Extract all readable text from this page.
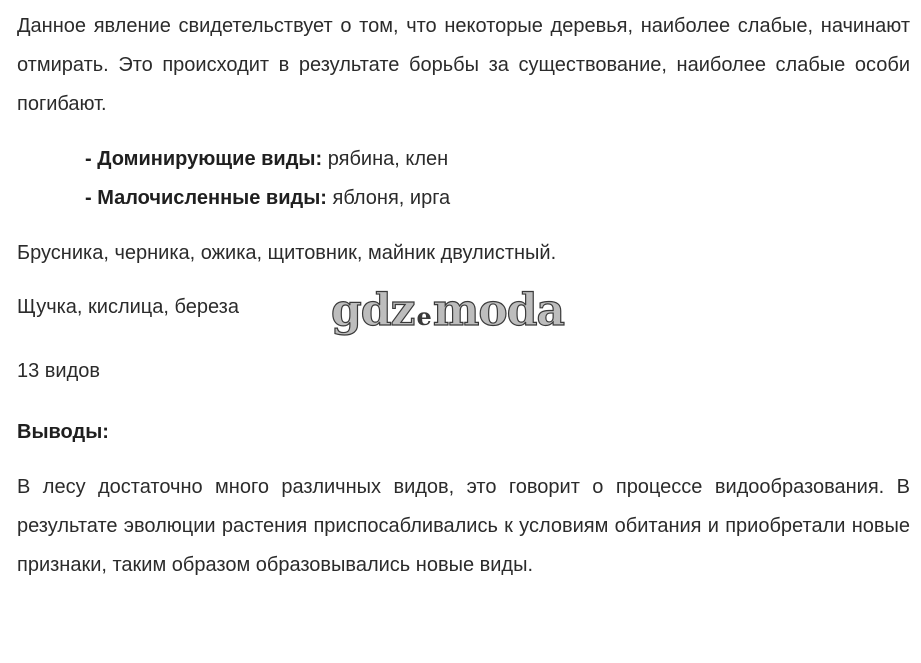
Данное явление свидетельствует о том, что некоторые деревья, наиболее слабые, начинают отмирать. Это происходит в результате борьбы за существование, наиболее слабые особи погибают.

- Доминирующие виды: рябина, клен
- Малочисленные виды: яблоня, ирга

Брусника, черника, ожика, щитовник, майник двулистный.

Щучка, кислица, береза

13 видов

Выводы:

В лесу достаточно много различных видов, это говорит о процессе видообразования. В результате эволюции растения приспосабливались к условиям обитания и приобретали новые признаки, таким образом образовывались новые виды.

gdzеmoda
